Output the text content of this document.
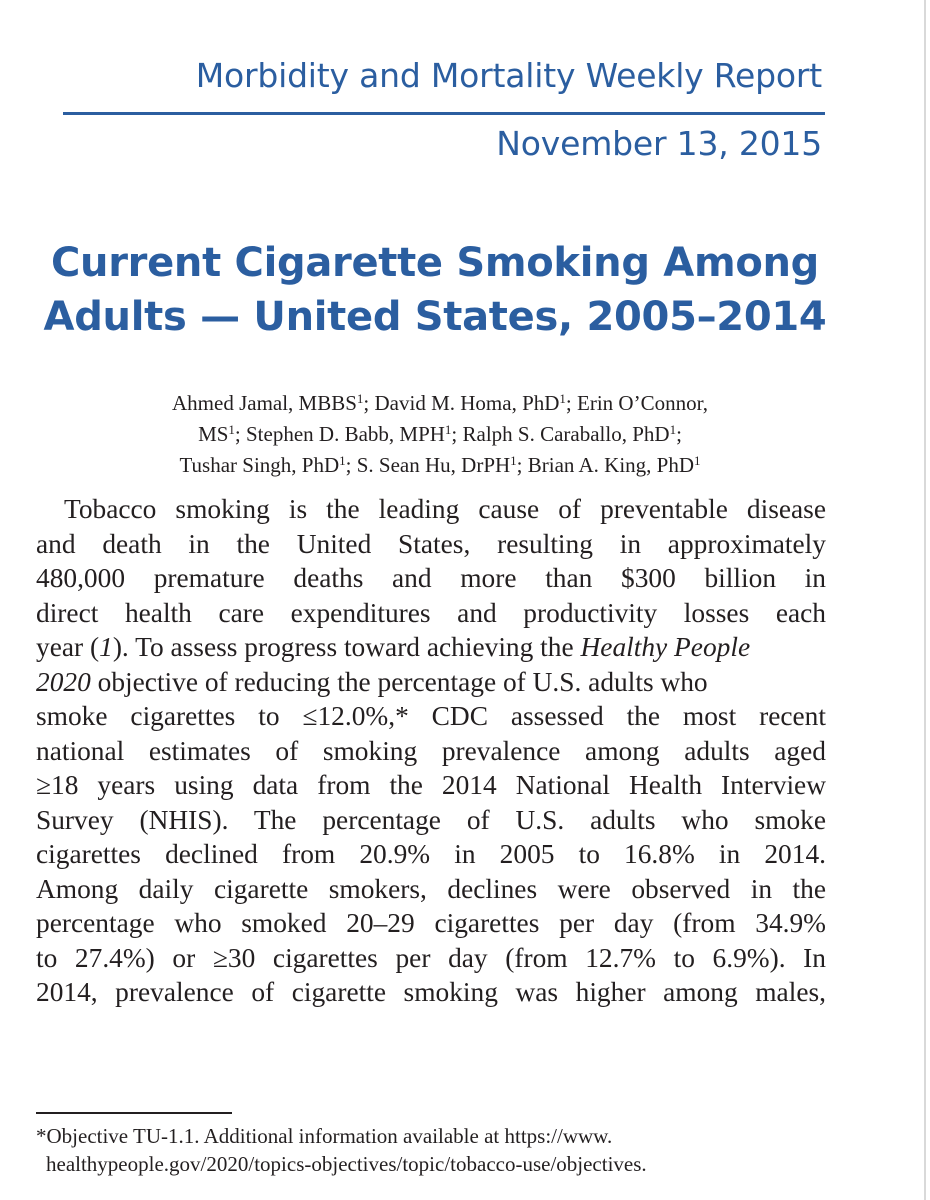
Morbidity and Mortality Weekly Report
November 13, 2015
Current Cigarette Smoking Among
Adults — United States, 2005–2014
Ahmed Jamal, MBBS$^1$; David M. Homa, PhD$^1$; Erin O’Connor,
$MS^1$; Stephen D. Babb, MPH$^1$; Ralph S. Caraballo, PhD$^1$;
Tushar Singh, PhD$^1$; S. Sean Hu, DrPH$^1$; Brian A. King, PhD$^1$
Tobacco smoking is the leading cause of preventable disease
and death in the United States, resulting in approximately
480,000 premature deaths and more than $300 billion in
direct health care expenditures and productivity losses each
year (1). To assess progress toward achieving the Healthy People
2020 objective of reducing the percentage of U.S. adults who
smoke cigarettes to ≤12.0%,* CDC assessed the most recent
national estimates of smoking prevalence among adults aged
≥18 years using data from the 2014 National Health Interview
Survey (NHIS). The percentage of U.S. adults who smoke
cigarettes declined from 20.9% in 2005 to 16.8% in 2014.
Among daily cigarette smokers, declines were observed in the
percentage who smoked 20–29 cigarettes per day (from 34.9%
to 27.4%) or ≥30 cigarettes per day (from 12.7% to 6.9%). In
2014, prevalence of cigarette smoking was higher among males,
*Objective TU-1.1. Additional information available at https://www.
healthypeople.gov/2020/topics-objectives/topic/tobacco-use/objectives.
